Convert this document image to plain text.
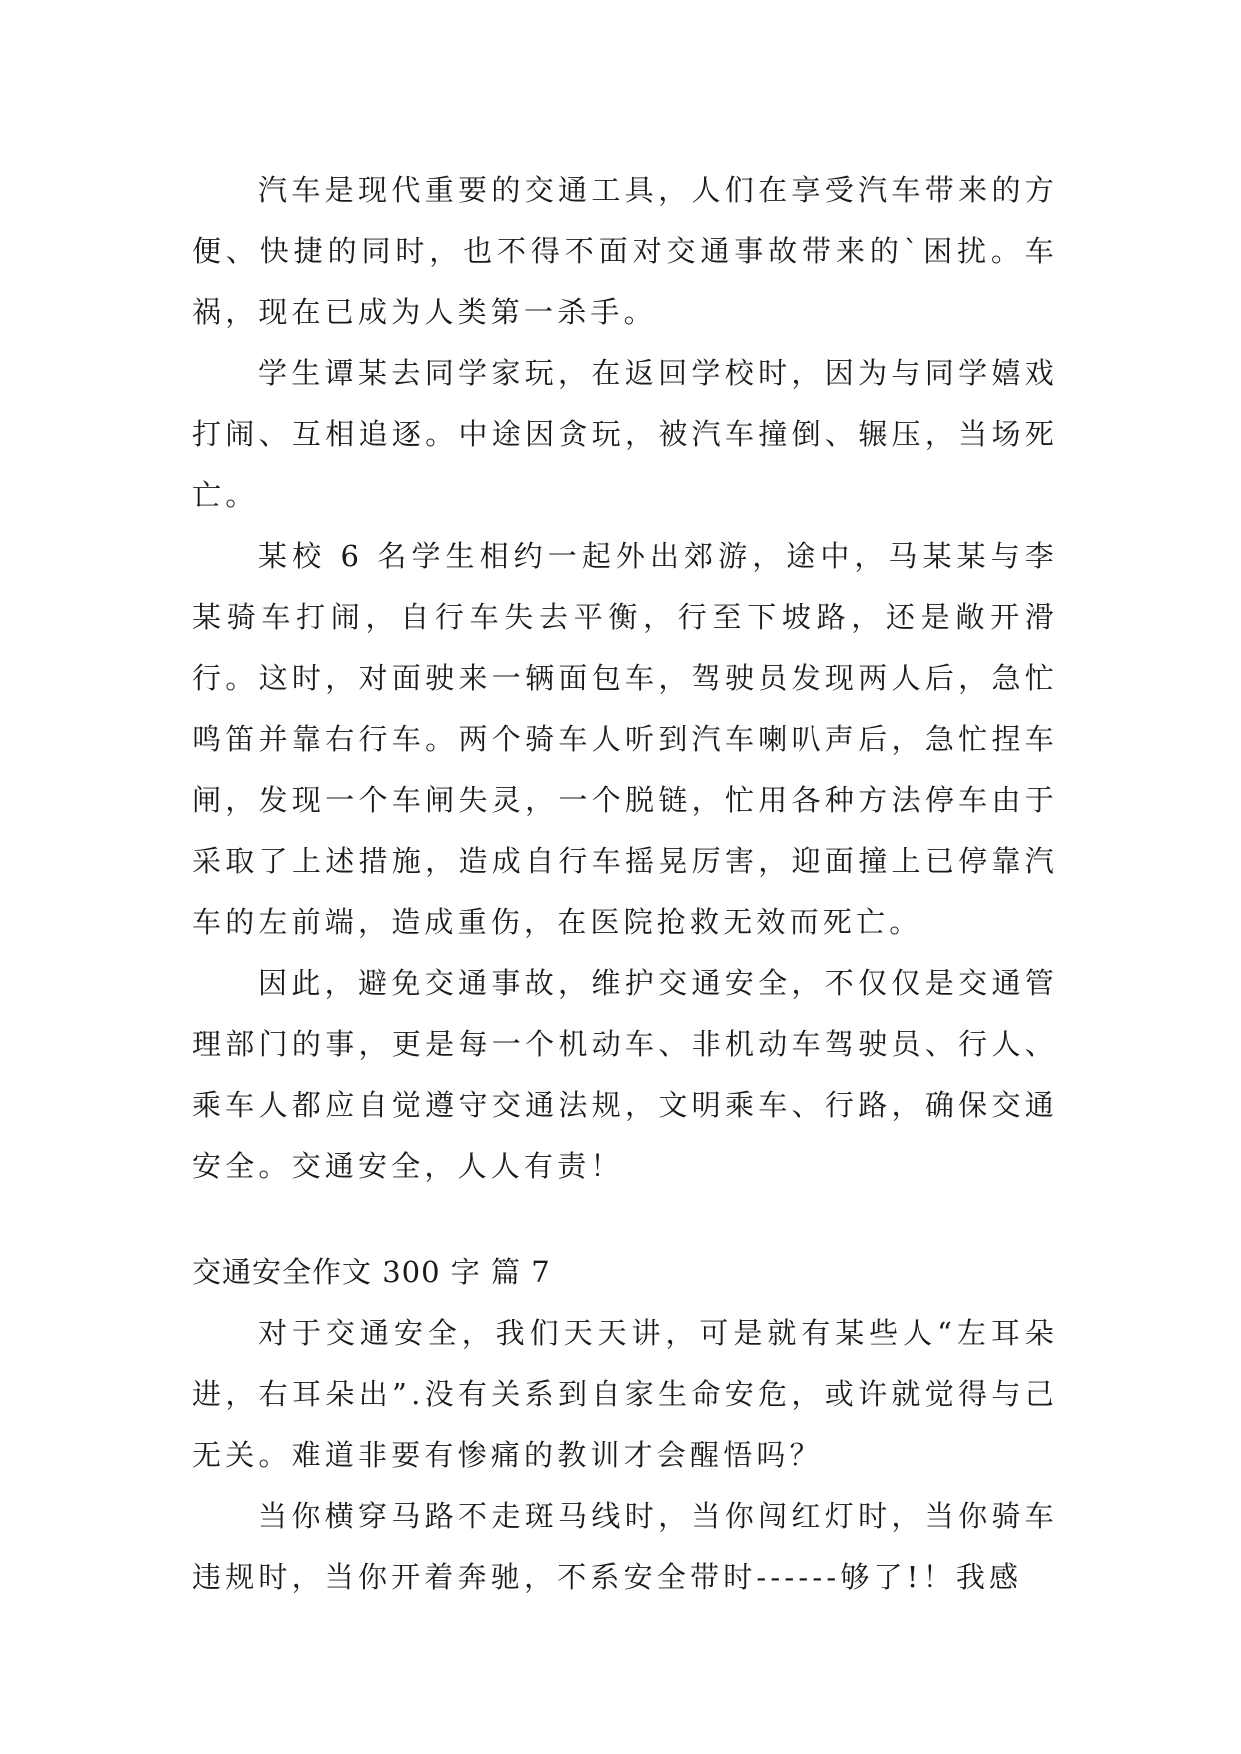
汽车是现代重要的交通工具，人们在享受汽车带来的方便、快捷的同时，也不得不面对交通事故带来的`困扰。车祸，现在已成为人类第一杀手。

学生谭某去同学家玩，在返回学校时，因为与同学嬉戏打闹、互相追逐。中途因贪玩，被汽车撞倒、辗压，当场死亡。

某校 6 名学生相约一起外出郊游，途中，马某某与李某骑车打闹，自行车失去平衡，行至下坡路，还是敞开滑行。这时，对面驶来一辆面包车，驾驶员发现两人后，急忙鸣笛并靠右行车。两个骑车人听到汽车喇叭声后，急忙捏车闸，发现一个车闸失灵，一个脱链，忙用各种方法停车由于采取了上述措施，造成自行车摇晃厉害，迎面撞上已停靠汽车的左前端，造成重伤，在医院抢救无效而死亡。

因此，避免交通事故，维护交通安全，不仅仅是交通管理部门的事，更是每一个机动车、非机动车驾驶员、行人、乘车人都应自觉遵守交通法规，文明乘车、行路，确保交通安全。交通安全，人人有责！

交通安全作文 300 字 篇 7

对于交通安全，我们天天讲，可是就有某些人“左耳朵进，右耳朵出”.没有关系到自家生命安危，或许就觉得与己无关。难道非要有惨痛的教训才会醒悟吗？

当你横穿马路不走斑马线时，当你闯红灯时，当你骑车违规时，当你开着奔驰，不系安全带时------够了!！我感
